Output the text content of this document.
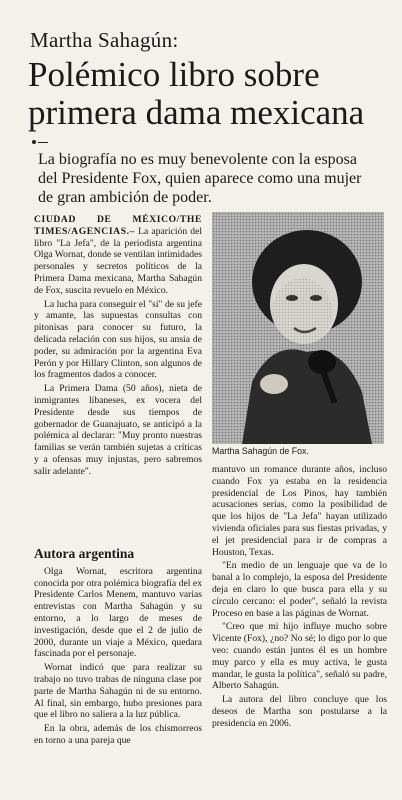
Martha Sahagún:
Polémico libro sobre primera dama mexicana
La biografía no es muy benevolente con la esposa del Presidente Fox, quien aparece como una mujer de gran ambición de poder.

CIUDAD DE MÉXICO/THE TIMES/AGENCIAS.– La aparición del libro "La Jefa", de la periodista argentina Olga Wornat, donde se ventilan intimidades personales y secretos políticos de la Primera Dama mexicana, Martha Sahagún de Fox, suscita revuelo en México.

La lucha para conseguir el "sí" de su jefe y amante, las supuestas consultas con pitonisas para conocer su futuro, la delicada relación con sus hijos, su ansia de poder, su admiración por la argentina Eva Perón y por Hillary Clinton, son algunos de los fragmentos dados a conocer.

La Primera Dama (50 años), nieta de inmigrantes libaneses, ex vocera del Presidente desde sus tiempos de gobernador de Guanajuato, se anticipó a la polémica al declarar: "Muy pronto nuestras familias se verán también sujetas a críticas y a ofensas muy injustas, pero sabremos salir adelante".

Autora argentina

Olga Wornat, escritora argentina conocida por otra polémica biografía del ex Presidente Carlos Menem, mantuvo varias entrevistas con Martha Sahagún y su entorno, a lo largo de meses de investigación, desde que el 2 de julio de 2000, durante un viaje a México, quedara fascinada por el personaje.

Wornat indicó que para realizar su trabajo no tuvo trabas de ninguna clase por parte de Martha Sahagún ni de su entorno. Al final, sin embargo, hubo presiones para que el libro no saliera a la luz pública.

En la obra, además de los chismorreos en torno a una pareja que

Martha Sahagún de Fox.

mantuvo un romance durante años, incluso cuando Fox ya estaba en la residencia presidencial de Los Pinos, hay también acusaciones serias, como la posibilidad de que los hijos de "La Jefa" hayan utilizado vivienda oficiales para sus fiestas privadas, y el jet presidencial para ir de compras a Houston, Texas.

"En medio de un lenguaje que va de lo banal a lo complejo, la esposa del Presidente deja en claro lo que busca para ella y su círculo cercano: el poder", señaló la revista Proceso en base a las páginas de Wornat.

"Creo que mi hijo influye mucho sobre Vicente (Fox), ¿no? No sé; lo digo por lo que veo: cuando están juntos él es un hombre muy parco y ella es muy activa, le gusta mandar, le gusta la política", señaló su padre, Alberto Sahagún.

La autora del libro concluye que los deseos de Martha son postularse a la presidencia en 2006.
